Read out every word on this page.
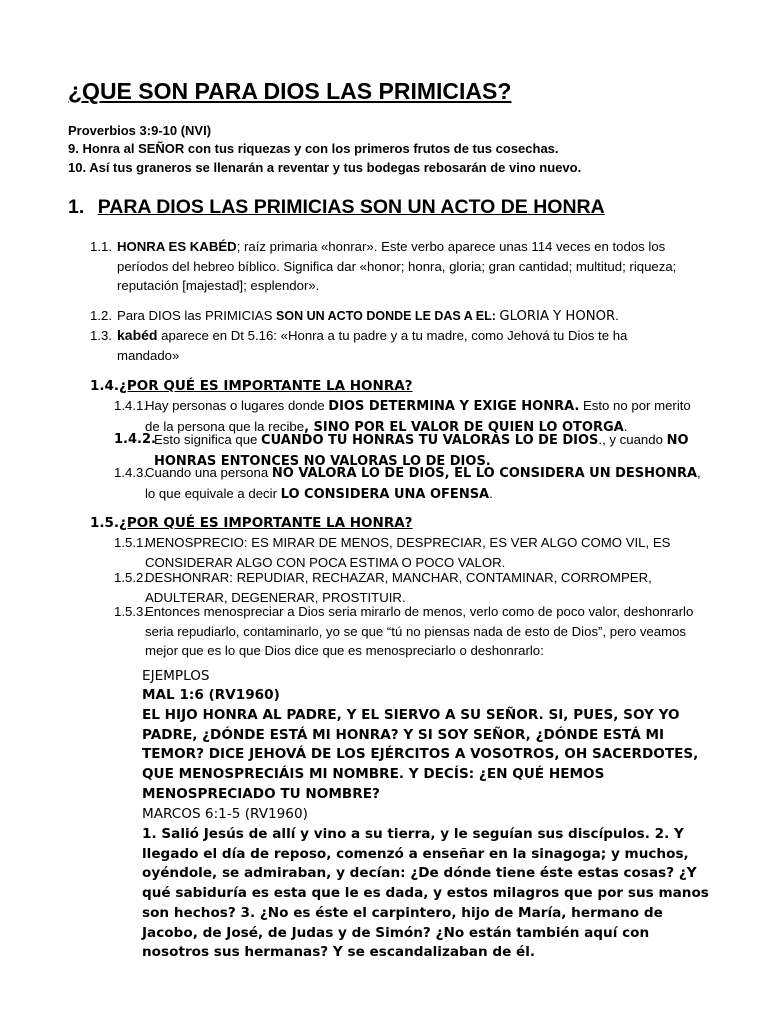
¿QUE SON PARA DIOS LAS PRIMICIAS?

Proverbios 3:9-10 (NVI)

9. Honra al SEÑOR con tus riquezas y con los primeros frutos de tus cosechas.

10. Así tus graneros se llenarán a reventar y tus bodegas rebosarán de vino nuevo.

1. PARA DIOS LAS PRIMICIAS SON UN ACTO DE HONRA
1.1. HONRA ES KABÉD; raíz primaria «honrar». Este verbo aparece unas 114 veces en todos los períodos del hebreo bíblico. Significa dar «honor; honra, gloria; gran cantidad; multitud; riqueza; reputación [majestad]; esplendor».

1.2. Para DIOS las PRIMICIAS SON UN ACTO DONDE LE DAS A EL: GLORIA Y HONOR.

1.3. kabéd aparece en Dt 5.16: «Honra a tu padre y a tu madre, como Jehová tu Dios te ha mandado»

1.4.¿POR QUÉ ES IMPORTANTE LA HONRA?

1.4.1.

Hay personas o lugares donde DIOS DETERMINA Y EXIGE HONRA. Esto no por merito de la persona que la recibe, SINO POR EL VALOR DE QUIEN LO OTORGA.

1.4.2.

Esto significa que CUANDO TU HONRAS TU VALORAS LO DE DIOS., y cuando NO HONRAS ENTONCES NO VALORAS LO DE DIOS.

1.4.3.

Cuando una persona NO VALORA LO DE DIOS, EL LO CONSIDERA UN DESHONRA, lo que equivale a decir LO CONSIDERA UNA OFENSA.

1.5.¿POR QUÉ ES IMPORTANTE LA HONRA?

1.5.1.

MENOSPRECIO: ES MIRAR DE MENOS, DESPRECIAR, ES VER ALGO COMO VIL, ES CONSIDERAR ALGO CON POCA ESTIMA O POCO VALOR.

1.5.2.

DESHONRAR: REPUDIAR, RECHAZAR, MANCHAR, CONTAMINAR, CORROMPER, ADULTERAR, DEGENERAR, PROSTITUIR.

1.5.3.

Entonces menospreciar a Dios seria mirarlo de menos, verlo como de poco valor, deshonrarlo seria repudiarlo, contaminarlo, yo se que “tú no piensas nada de esto de Dios”, pero veamos mejor que es lo que Dios dice que es menospreciarlo o deshonrarlo:

EJEMPLOS

MAL 1:6 (RV1960)

EL HIJO HONRA AL PADRE, Y EL SIERVO A SU SEÑOR. SI, PUES, SOY YO PADRE, ¿DÓNDE ESTÁ MI HONRA? Y SI SOY SEÑOR, ¿DÓNDE ESTÁ MI TEMOR? DICE JEHOVÁ DE LOS EJÉRCITOS A VOSOTROS, OH SACERDOTES, QUE MENOSPRECIÁIS MI NOMBRE. Y DECÍS: ¿EN QUÉ HEMOS MENOSPRECIADO TU NOMBRE?

MARCOS 6:1-5 (RV1960)

1. Salió Jesús de allí y vino a su tierra, y le seguían sus discípulos. 2. Y llegado el día de reposo, comenzó a enseñar en la sinagoga; y muchos, oyéndole, se admiraban, y decían: ¿De dónde tiene éste estas cosas? ¿Y qué sabiduría es esta que le es dada, y estos milagros que por sus manos son hechos? 3. ¿No es éste el carpintero, hijo de María, hermano de Jacobo, de José, de Judas y de Simón? ¿No están también aquí con nosotros sus hermanas? Y se escandalizaban de él.
